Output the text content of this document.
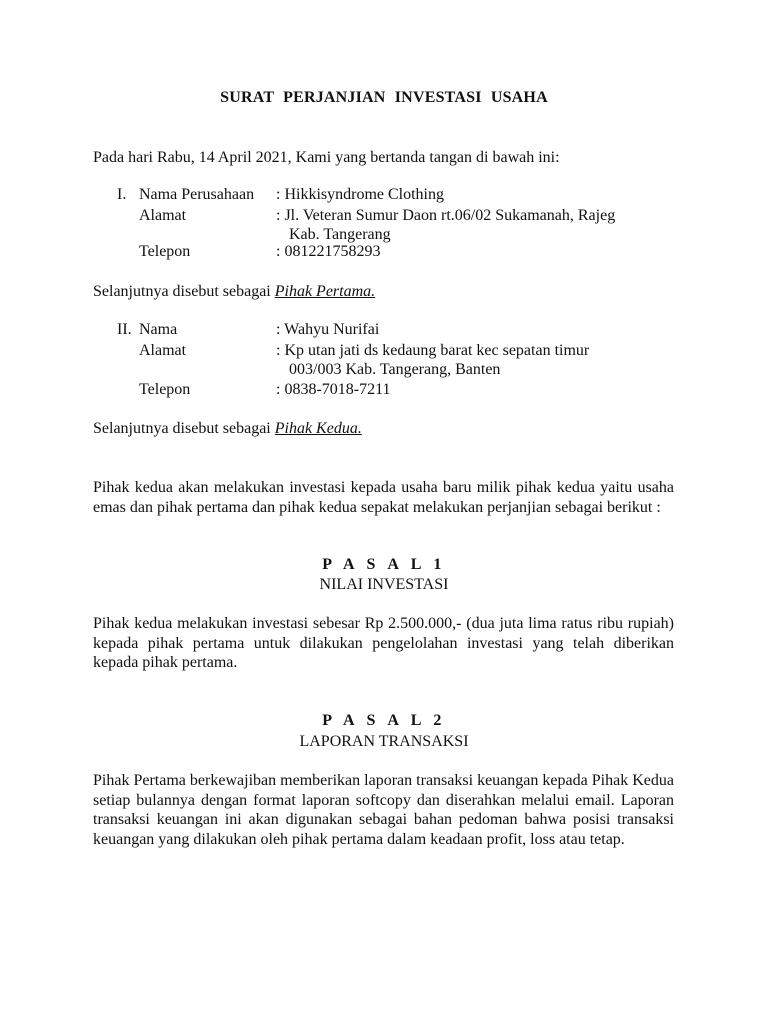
SURAT PERJANJIAN INVESTASI USAHA
Pada hari Rabu, 14 April 2021, Kami yang bertanda tangan di bawah ini:
I. Nama Perusahaan : Hikkisyndrome Clothing
Alamat	: Jl. Veteran Sumur Daon rt.06/02 Sukamanah, Rajeg
Kab. Tangerang
Telepon	: 081221758293
Selanjutnya disebut sebagai Pihak Pertama.
II. Nama	: Wahyu Nurifai
Alamat	: Kp utan jati ds kedaung barat kec sepatan timur
003/003 Kab. Tangerang, Banten
Telepon	: 0838-7018-7211
Selanjutnya disebut sebagai Pihak Kedua.
Pihak kedua akan melakukan investasi kepada usaha baru milik pihak kedua yaitu usaha emas dan pihak pertama dan pihak kedua sepakat melakukan perjanjian sebagai berikut :
P A S A L 1
NILAI INVESTASI
Pihak kedua melakukan investasi sebesar Rp 2.500.000,- (dua juta lima ratus ribu rupiah) kepada pihak pertama untuk dilakukan pengelolahan investasi yang telah diberikan kepada pihak pertama.
P A S A L 2
LAPORAN TRANSAKSI
Pihak Pertama berkewajiban memberikan laporan transaksi keuangan kepada Pihak Kedua setiap bulannya dengan format laporan softcopy dan diserahkan melalui email. Laporan transaksi keuangan ini akan digunakan sebagai bahan pedoman bahwa posisi transaksi keuangan yang dilakukan oleh pihak pertama dalam keadaan profit, loss atau tetap.
